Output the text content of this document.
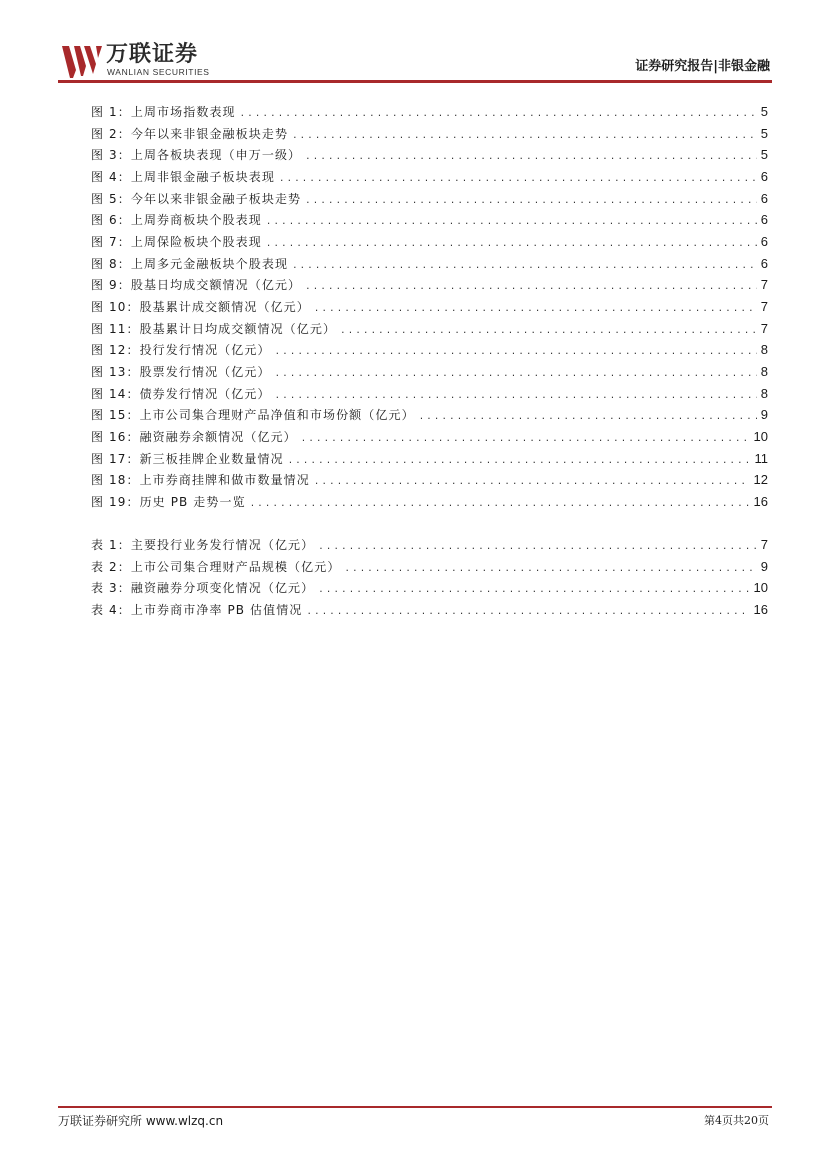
万联证券
WANLIAN SECURITIES	证券研究报告|非银金融
图 1：上周市场指数表现 .....	5
图 2：今年以来非银金融板块走势 .....	5
图 3：上周各板块表现（申万一级） .....	5
图 4：上周非银金融子板块表现 .....	6
图 5：今年以来非银金融子板块走势 .....	6
图 6：上周券商板块个股表现 .....	6
图 7：上周保险板块个股表现 .....	6
图 8：上周多元金融板块个股表现 .....	6
图 9：股基日均成交额情况（亿元） .....	7
图 10：股基累计成交额情况（亿元） .....	7
图 11：股基累计日均成交额情况（亿元） .....	7
图 12：投行发行情况（亿元） .....	8
图 13：股票发行情况（亿元） .....	8
图 14：债券发行情况（亿元） .....	8
图 15：上市公司集合理财产品净值和市场份额（亿元） .....	9
图 16：融资融券余额情况（亿元） .....	10
图 17：新三板挂牌企业数量情况 .....	11
图 18：上市券商挂牌和做市数量情况 .....	12
图 19：历史 PB 走势一览 .....	16
表 1：主要投行业务发行情况（亿元） .....	7
表 2：上市公司集合理财产品规模（亿元） .....	9
表 3：融资融券分项变化情况（亿元） .....	10
表 4：上市券商市净率 PB 估值情况 .....	16
万联证券研究所 www.wlzq.cn	第4页共20页
